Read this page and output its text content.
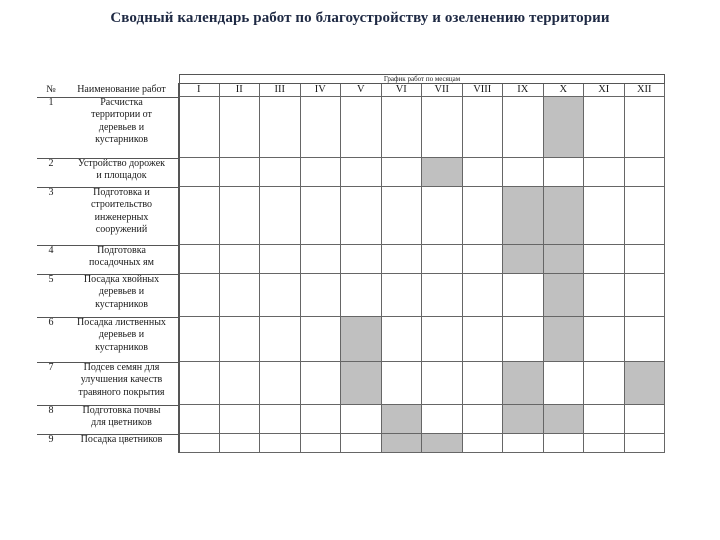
Сводный календарь работ по благоустройству и озеленению территории
График работ по месяцам
№	Наименование работ	I	II	III	IV	V	VI	VII	VIII	IX	X	XI	XII
1	Расчистка
территории от
деревьев и
кустарников
2	Устройство дорожек
и площадок
3	Подготовка и
строительство
инженерных
сооружений
4	Подготовка
посадочных ям
5	Посадка хвойных
деревьев и
кустарников
6	Посадка лиственных
деревьев и
кустарников
7	Подсев семян для
улучшения качеств
травяного покрытия
8	Подготовка почвы
для цветников
9	Посадка цветников
